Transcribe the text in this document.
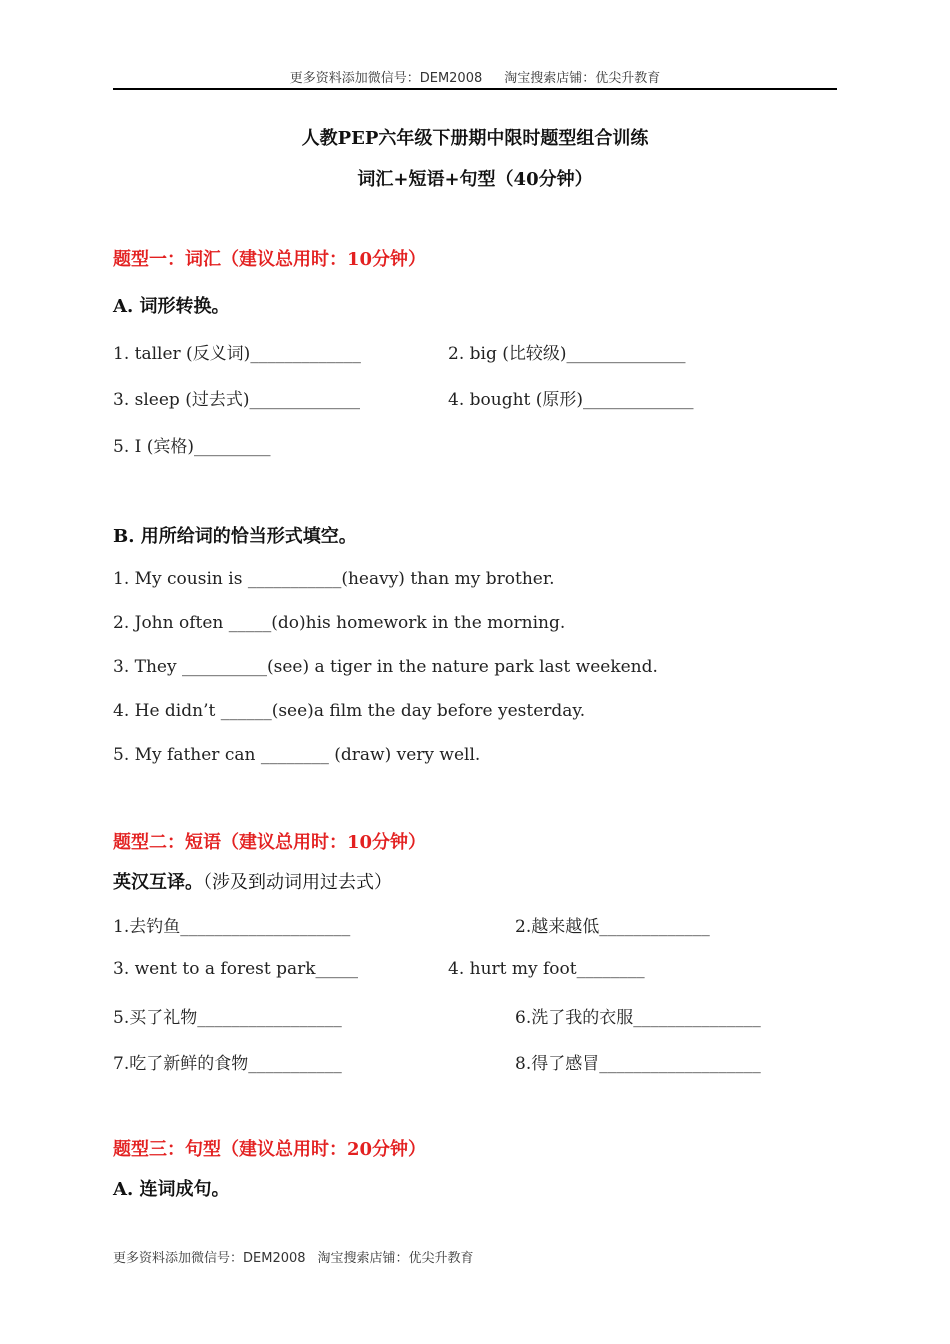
更多资料添加微信号：DEM2008 淘宝搜索店铺：优尖升教育
人教PEP六年级下册期中限时题型组合训练
词汇+短语+句型（40分钟）
题型一：词汇（建议总用时：10分钟）
A. 词形转换。
1. taller (反义词)_____________	2. big (比较级)______________
3. sleep (过去式)_____________	4. bought (原形)_____________
5. I (宾格)_________
B. 用所给词的恰当形式填空。
1. My cousin is ___________(heavy) than my brother.
2. John often _____(do)his homework in the morning.
3. They __________(see) a tiger in the nature park last weekend.
4. He didn’t ______(see)a film the day before yesterday.
5. My father can ________ (draw) very well.
题型二：短语（建议总用时：10分钟）
英汉互译。（涉及到动词用过去式）
1.去钓鱼____________________	2.越来越低_____________
3. went to a forest park_____	4. hurt my foot________
5.买了礼物_________________	6.洗了我的衣服_______________
7.吃了新鲜的食物___________	8.得了感冒___________________
题型三：句型（建议总用时：20分钟）
A. 连词成句。
更多资料添加微信号：DEM2008 淘宝搜索店铺：优尖升教育
